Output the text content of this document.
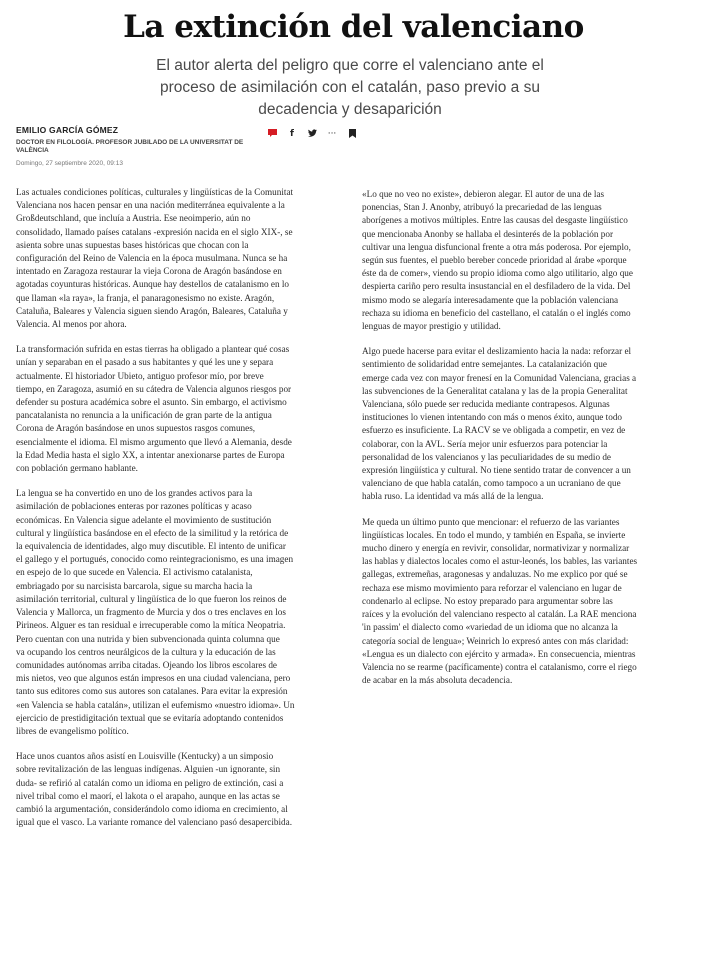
La extinción del valenciano
El autor alerta del peligro que corre el valenciano ante el proceso de asimilación con el catalán, paso previo a su decadencia y desaparición
EMILIO GARCÍA GÓMEZ
DOCTOR EN FILOLOGÍA. PROFESOR JUBILADO DE LA UNIVERSITAT DE VALÈNCIA
Domingo, 27 septiembre 2020, 09:13
f	···

Las actuales condiciones políticas, culturales y lingüísticas de la Comunitat
Valenciana nos hacen pensar en una nación mediterránea equivalente a la
Großdeutschland, que incluía a Austria. Ese neoimperio, aún no
consolidado, llamado países catalans -expresión nacida en el siglo XIX-, se
asienta sobre unas supuestas bases históricas que chocan con la
configuración del Reino de Valencia en la época musulmana. Nunca se ha
intentado en Zaragoza restaurar la vieja Corona de Aragón basándose en
agotadas coyunturas históricas. Aunque hay destellos de catalanismo en lo
que llaman «la raya», la franja, el panaragonesismo no existe. Aragón,
Cataluña, Baleares y Valencia siguen siendo Aragón, Baleares, Cataluña y
Valencia. Al menos por ahora.

La transformación sufrida en estas tierras ha obligado a plantear qué cosas
unían y separaban en el pasado a sus habitantes y qué les une y separa
actualmente. El historiador Ubieto, antiguo profesor mío, por breve
tiempo, en Zaragoza, asumió en su cátedra de Valencia algunos riesgos por
defender su postura académica sobre el asunto. Sin embargo, el activismo
pancatalanista no renuncia a la unificación de gran parte de la antigua
Corona de Aragón basándose en unos supuestos rasgos comunes,
esencialmente el idioma. El mismo argumento que llevó a Alemania, desde
la Edad Media hasta el siglo XX, a intentar anexionarse partes de Europa
con población germano hablante.

La lengua se ha convertido en uno de los grandes activos para la
asimilación de poblaciones enteras por razones políticas y acaso
económicas. En Valencia sigue adelante el movimiento de sustitución
cultural y lingüística basándose en el efecto de la similitud y la retórica de
la equivalencia de identidades, algo muy discutible. El intento de unificar
el gallego y el portugués, conocido como reintegracionismo, es una imagen
en espejo de lo que sucede en Valencia. El activismo catalanista,
embriagado por su narcisista barcarola, sigue su marcha hacia la
asimilación territorial, cultural y lingüística de lo que fueron los reinos de
Valencia y Mallorca, un fragmento de Murcia y dos o tres enclaves en los
Pirineos. Alguer es tan residual e irrecuperable como la mítica Neopatria.
Pero cuentan con una nutrida y bien subvencionada quinta columna que
va ocupando los centros neurálgicos de la cultura y la educación de las
comunidades autónomas arriba citadas. Ojeando los libros escolares de
mis nietos, veo que algunos están impresos en una ciudad valenciana, pero
tanto sus editores como sus autores son catalanes. Para evitar la expresión
«en Valencia se habla catalán», utilizan el eufemismo «nuestro idioma». Un
ejercicio de prestidigitación textual que se evitaría adoptando contenidos
libres de evangelismo político.

Hace unos cuantos años asistí en Louisville (Kentucky) a un simposio
sobre revitalización de las lenguas indígenas. Alguien -un ignorante, sin
duda- se refirió al catalán como un idioma en peligro de extinción, casi a
nivel tribal como el maorí, el lakota o el arapaho, aunque en las actas se
cambió la argumentación, considerándolo como idioma en crecimiento, al
igual que el vasco. La variante romance del valenciano pasó desapercibida.

«Lo que no veo no existe», debieron alegar. El autor de una de las
ponencias, Stan J. Anonby, atribuyó la precariedad de las lenguas
aborígenes a motivos múltiples. Entre las causas del desgaste lingüístico
que mencionaba Anonby se hallaba el desinterés de la población por
cultivar una lengua disfuncional frente a otra más poderosa. Por ejemplo,
según sus fuentes, el pueblo bereber concede prioridad al árabe «porque
éste da de comer», viendo su propio idioma como algo utilitario, algo que
despierta cariño pero resulta insustancial en el desfiladero de la vida. Del
mismo modo se alegaría interesadamente que la población valenciana
rechaza su idioma en beneficio del castellano, el catalán o el inglés como
lenguas de mayor prestigio y utilidad.

Algo puede hacerse para evitar el deslizamiento hacia la nada: reforzar el
sentimiento de solidaridad entre semejantes. La catalanización que
emerge cada vez con mayor frenesí en la Comunidad Valenciana, gracias a
las subvenciones de la Generalitat catalana y las de la propia Generalitat
Valenciana, sólo puede ser reducida mediante contrapesos. Algunas
instituciones lo vienen intentando con más o menos éxito, aunque todo
esfuerzo es insuficiente. La RACV se ve obligada a competir, en vez de
colaborar, con la AVL. Sería mejor unir esfuerzos para potenciar la
personalidad de los valencianos y las peculiaridades de su medio de
expresión lingüística y cultural. No tiene sentido tratar de convencer a un
valenciano de que habla catalán, como tampoco a un ucraniano de que
habla ruso. La identidad va más allá de la lengua.

Me queda un último punto que mencionar: el refuerzo de las variantes
lingüísticas locales. En todo el mundo, y también en España, se invierte
mucho dinero y energía en revivir, consolidar, normativizar y normalizar
las hablas y dialectos locales como el astur-leonés, los bables, las variantes
gallegas, extremeñas, aragonesas y andaluzas. No me explico por qué se
rechaza ese mismo movimiento para reforzar el valenciano en lugar de
condenarlo al eclipse. No estoy preparado para argumentar sobre las
raíces y la evolución del valenciano respecto al catalán. La RAE menciona
'in passim' el dialecto como «variedad de un idioma que no alcanza la
categoría social de lengua»; Weinrich lo expresó antes con más claridad:
«Lengua es un dialecto con ejército y armada». En consecuencia, mientras
Valencia no se rearme (pacíficamente) contra el catalanismo, corre el riego
de acabar en la más absoluta decadencia.
